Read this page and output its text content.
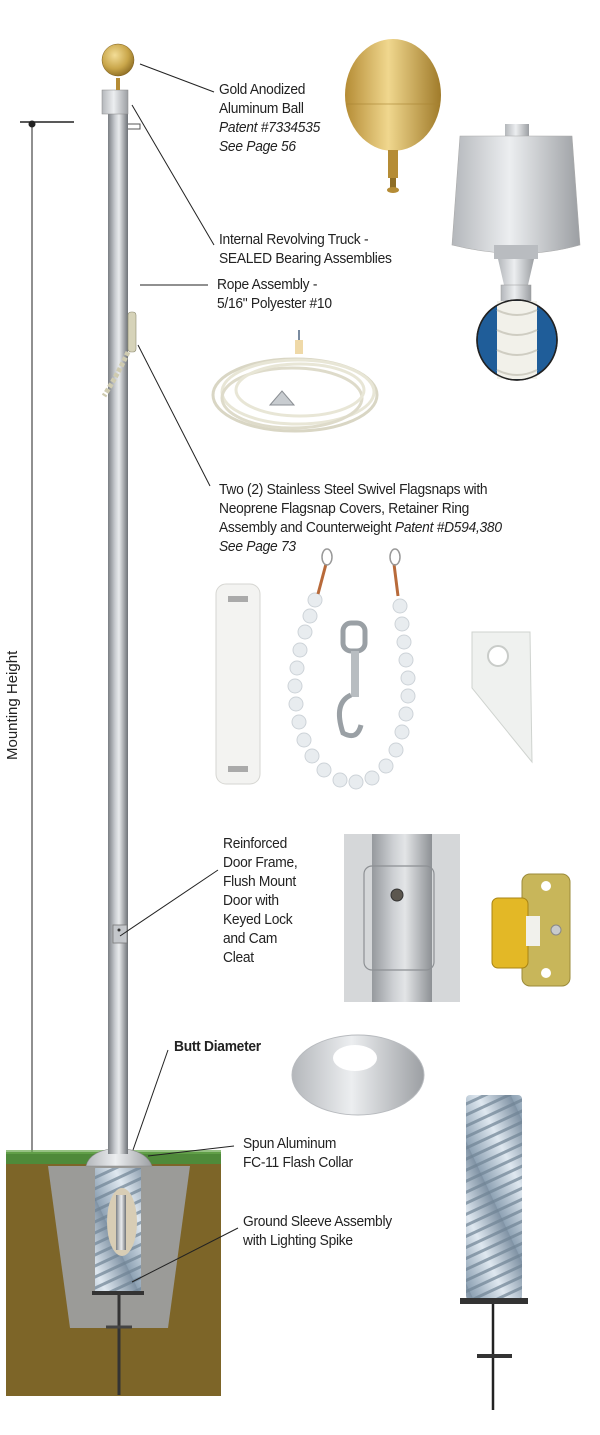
Mounting Height
Gold Anodized
Aluminum Ball
Patent #7334535
See Page 56
Internal Revolving Truck -
SEALED Bearing Assemblies
Rope Assembly -
5/16" Polyester #10
Two (2) Stainless Steel Swivel Flagsnaps with
Neoprene Flagsnap Covers, Retainer Ring
Assembly and Counterweight Patent #D594,380
See Page 73
Reinforced
Door Frame,
Flush Mount
Door with
Keyed Lock
and Cam
Cleat
Butt Diameter
Spun Aluminum
FC-11 Flash Collar
Ground Sleeve Assembly
with Lighting Spike
